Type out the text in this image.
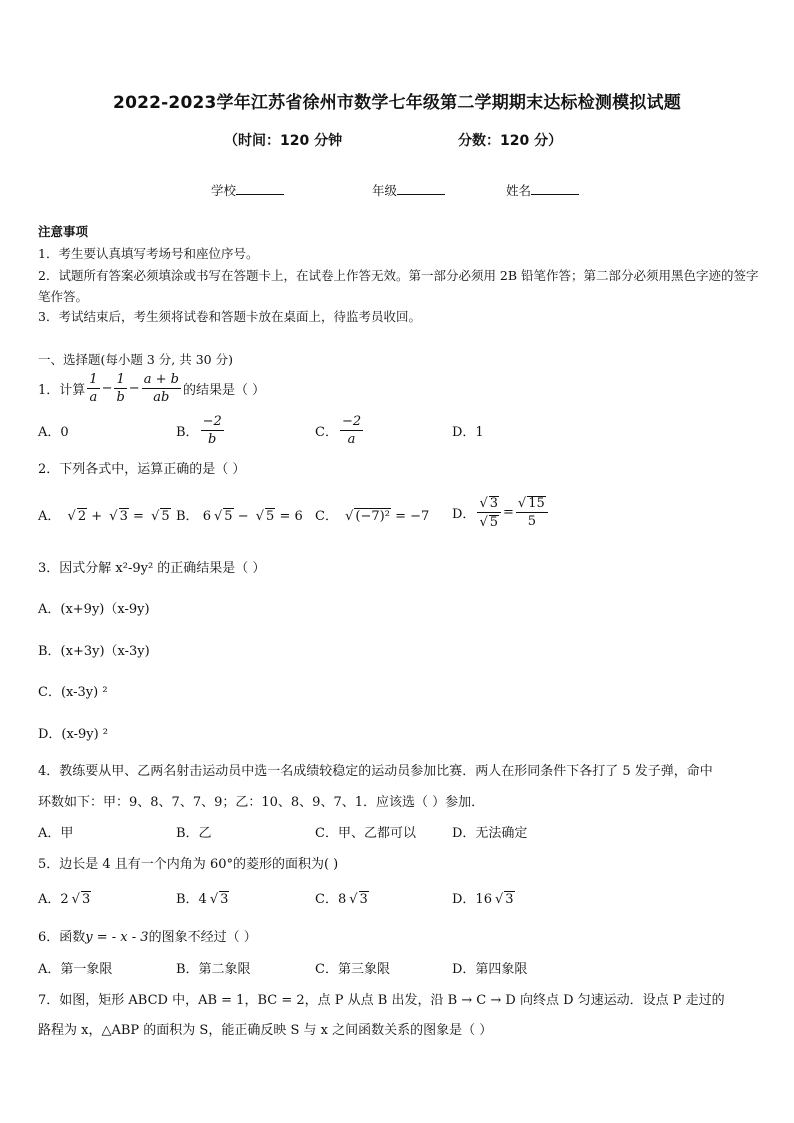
2022-2023学年江苏省徐州市数学七年级第二学期期末达标检测模拟试题
（时间：120 分钟	分数：120 分）
学校	年级	姓名
注意事项
1．考生要认真填写考场号和座位序号。
2．试题所有答案必须填涂或书写在答题卡上，在试卷上作答无效。第一部分必须用 2B 铅笔作答；第二部分必须用黑色字迹的签字笔作答。
3．考试结束后，考生须将试卷和答题卡放在桌面上，待监考员收回。
一、选择题(每小题 3 分, 共 30 分)
1．计算 $\frac{1}{a} - \frac{1}{b} - \frac{a + b}{ab}$ 的结果是（ ）
A．0	B． $\frac{-2}{b}$	C． $\frac{-2}{a}$	D．1
2．下列各式中，运算正确的是（ ）
A． √ 2 + √ 3 = √ 5 B． 6 √ 5 − √ 5 = 6 C． √ (−7)² = −7 D． $\frac{√ 3}{√ 5} = \frac{√ 15}{5}$
3．因式分解 x²-9y² 的正确结果是（ ）
A．(x+9y)（x-9y)
B．(x+3y)（x-3y)
C．(x-3y) ²
D．(x-9y) ²
4．教练要从甲、乙两名射击运动员中选一名成绩较稳定的运动员参加比赛．两人在形同条件下各打了 5 发子弹，命中
环数如下：甲：9、8、7、7、9；乙：10、8、9、7、1．应该选（ ）参加．
A．甲	B．乙	C．甲、乙都可以	D．无法确定
5．边长是 4 且有一个内角为 60°的菱形的面积为( )
A．2 √ 3	B．4 √ 3	C．8 √ 3	D．16 √ 3
6．函数y = - x - 3的图象不经过（ ）
A．第一象限	B．第二象限	C．第三象限	D．第四象限
7．如图，矩形 ABCD 中，AB = 1，BC = 2，点 P 从点 B 出发，沿 B → C → D 向终点 D 匀速运动．设点 P 走过的
路程为 x，△ABP 的面积为 S，能正确反映 S 与 x 之间函数关系的图象是（ ）
